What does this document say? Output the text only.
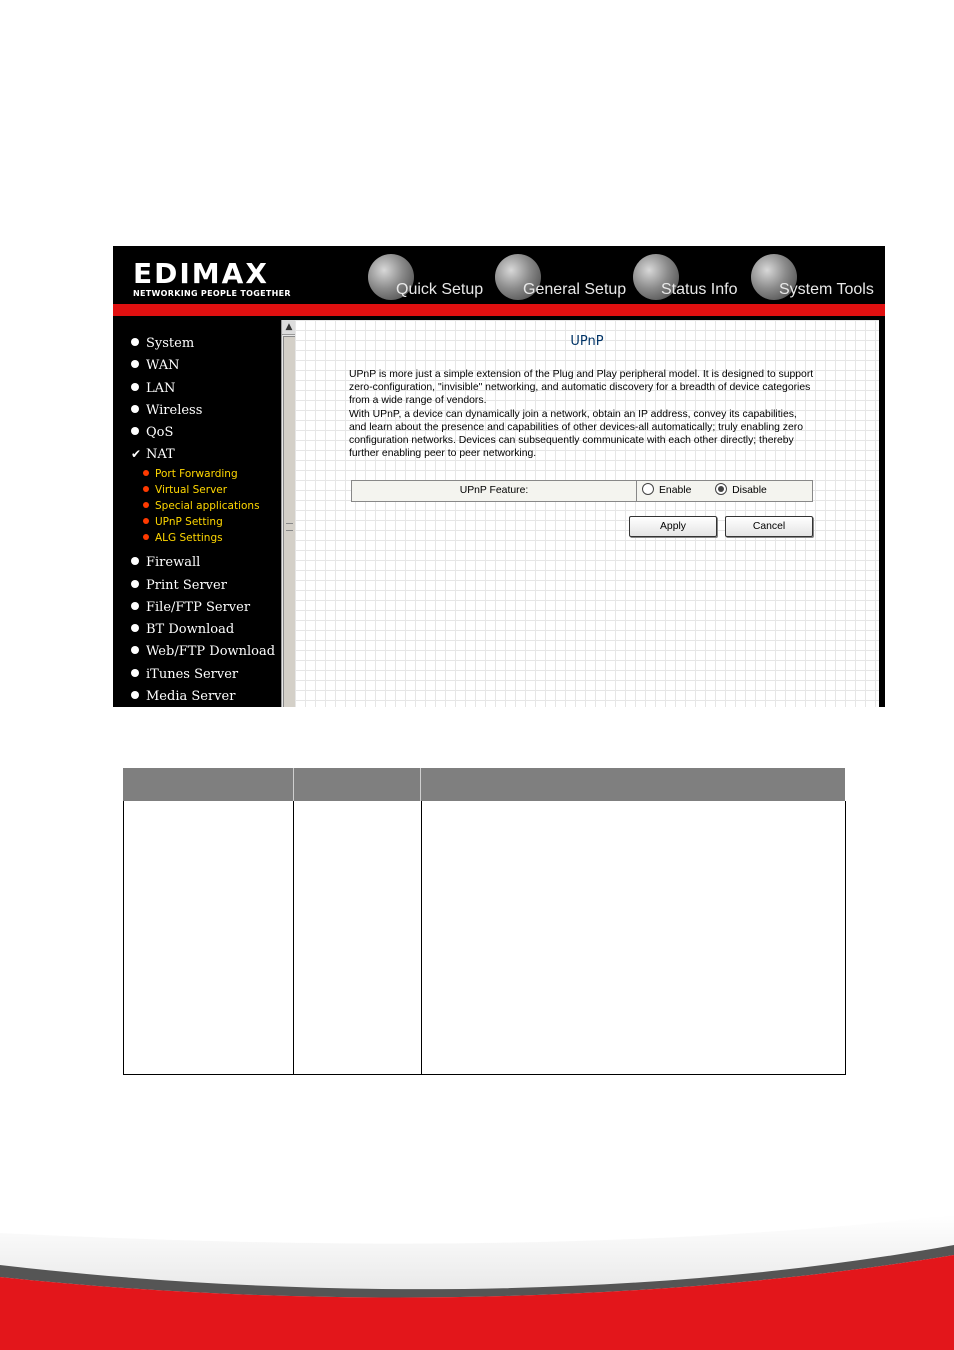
EDIMAX
NETWORKING PEOPLE TOGETHER	Quick Setup General Setup Status Info	System Tools
System
WAN
LAN
Wireless
QoS
✔ NAT
Port Forwarding
Virtual Server
Special applications
UPnP Setting
ALG Settings
Firewall
Print Server
File/FTP Server
BT Download
Web/FTP Download
iTunes Server
Media Server
▲
UPnP

UPnP is more just a simple extension of the Plug and Play peripheral model. It is designed to support zero-configuration, "invisible" networking, and automatic discovery for a breadth of device categories from a wide range of vendors.

With UPnP, a device can dynamically join a network, obtain an IP address, convey its capabilities, and learn about the presence and capabilities of other devices-all automatically; truly enabling zero configuration networks. Devices can subsequently communicate with each other directly; thereby further enabling peer to peer networking.

UPnP Feature:	Enable	Disable
Apply	Cancel
